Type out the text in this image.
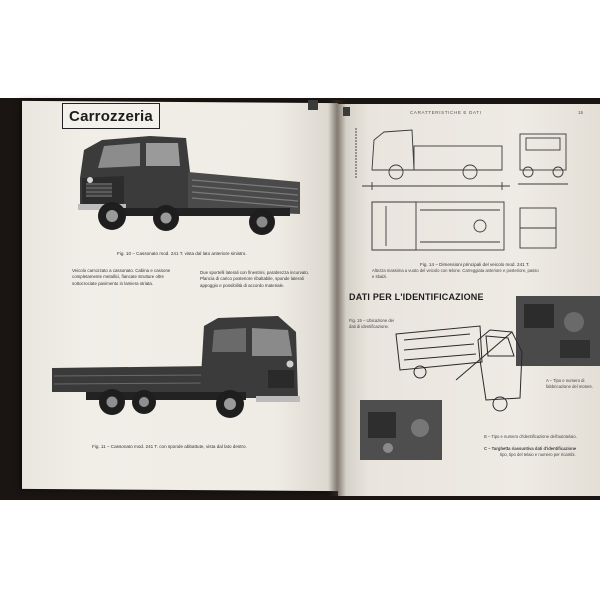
Carrozzeria
Fig. 10 – Cassonato mod. 241 T. vista dal lato anteriore sinistro.
Veicolo carrozzato a cassonato. Cabina e cassone completamente metallici, fiancate strutture oltre sottocrociate pavimento in lamiera striata.
Due sportelli laterali con finestrini, parabrezza incurvato. Plancia di carico posteriore ribaltabile, sponde laterali appoggio e possibilità di accordo materiale.
Fig. 11 – Cassonato mod. 241 T. con sponde abbattute, vista dal lato destro.
CARATTERISTICHE E DATI	15
Fig. 14 – Dimensioni principali del veicolo mod. 241 T.
Altezza massima a vuoto del veicolo con telone. Carreggiata anteriore e posteriore, passo e sbalzi.
DATI PER L'IDENTIFICAZIONE
Fig. 15 – Ubicazione dei dati di identificazione.
A – Tipo e numero di fabbricazione del motore.
B – Tipo e numero d'identificazione dell'autotelaio.
C – Targhetta riassuntiva dati d'identificazione
tipo, tipo del telaio e numero per ricambi.
